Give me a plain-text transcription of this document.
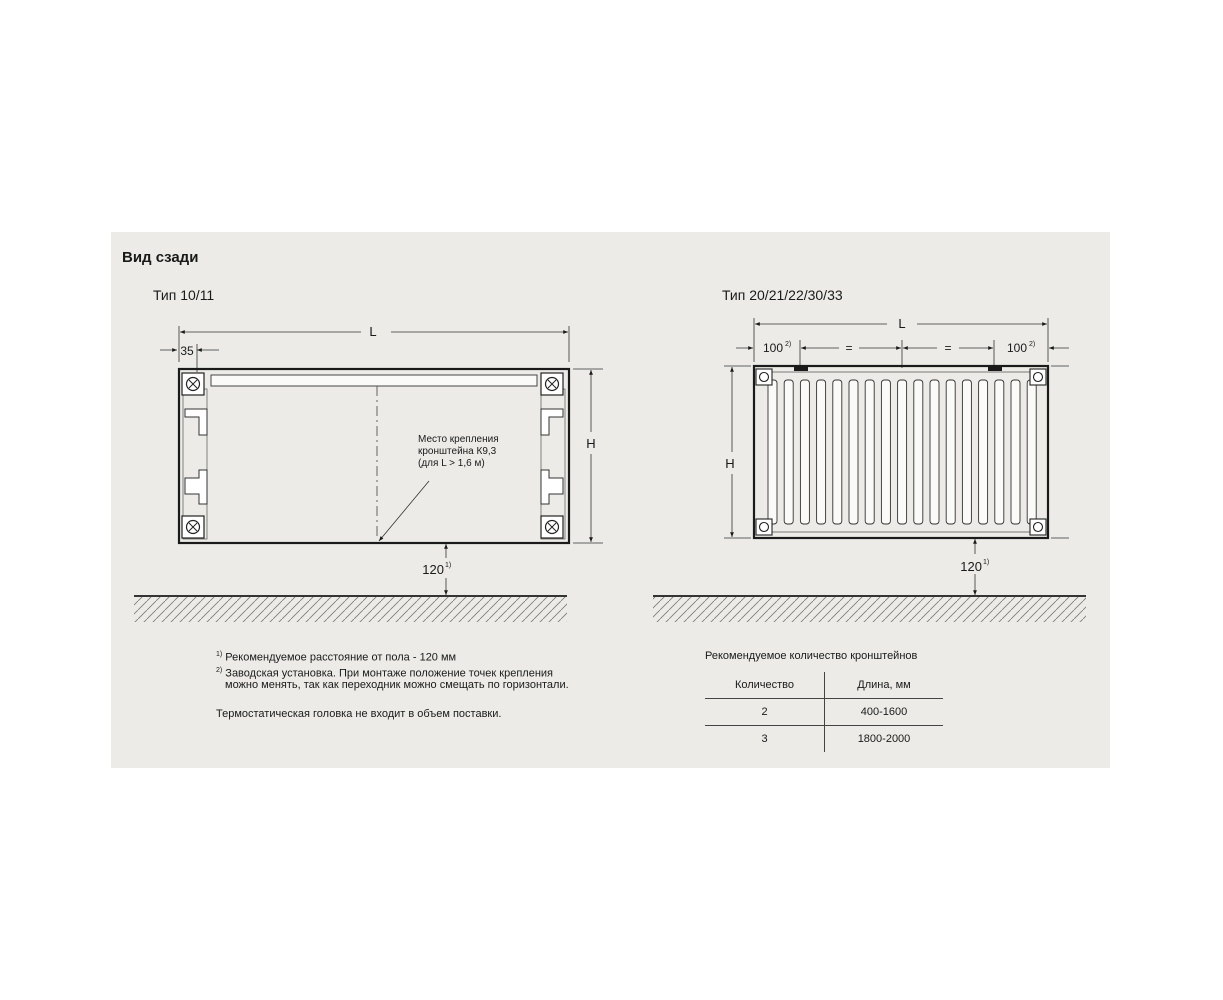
L
35
H
120 1)
L
100 2)	=	=	100 2)
H
120 1)
Вид сзади
Тип 10/11	Тип 20/21/22/30/33
Место крепления
кронштейна К9,3
(для L > 1,6 м)
$^{1)}$ Рекомендуемое расстояние от пола - 120 мм
$^{2)}$ Заводская установка. При монтаже положение точек крепления
можно менять, так как переходник можно смещать по горизонтали.
Термостатическая головка не входит в объем поставки.
Рекомендуемое количество кронштейнов
Количество	Длина, мм
2	400-1600
3	1800-2000
